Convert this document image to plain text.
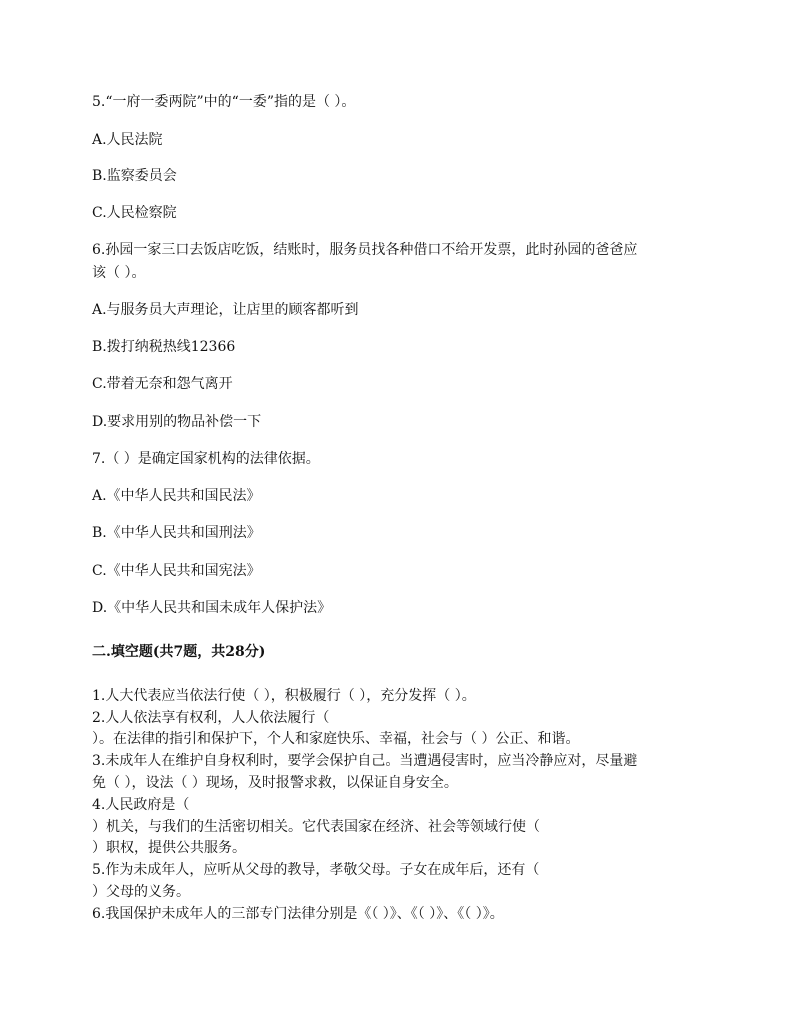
5.“一府一委两院”中的“一委”指的是（ ）。
A.人民法院
B.监察委员会
C.人民检察院
6.孙园一家三口去饭店吃饭，结账时，服务员找各种借口不给开发票，此时孙园的爸爸应
该（ ）。
A.与服务员大声理论，让店里的顾客都听到
B.拨打纳税热线12366
C.带着无奈和怨气离开
D.要求用别的物品补偿一下
7.（ ）是确定国家机构的法律依据。
A.《中华人民共和国民法》
B.《中华人民共和国刑法》
C.《中华人民共和国宪法》
D.《中华人民共和国未成年人保护法》
二.填空题(共7题，共28分)
1.人大代表应当依法行使（ ），积极履行（ ），充分发挥（ ）。
2.人人依法享有权利，人人依法履行（
）。在法律的指引和保护下，个人和家庭快乐、幸福，社会与（ ）公正、和谐。
3.未成年人在维护自身权利时，要学会保护自己。当遭遇侵害时，应当冷静应对，尽量避
免（ ），设法（ ）现场，及时报警求救，以保证自身安全。
4.人民政府是（
）机关，与我们的生活密切相关。它代表国家在经济、社会等领域行使（
）职权，提供公共服务。
5.作为未成年人，应听从父母的教导，孝敬父母。子女在成年后，还有（
）父母的义务。
6.我国保护未成年人的三部专门法律分别是《（ ）》、《（ ）》、《（ ）》。
